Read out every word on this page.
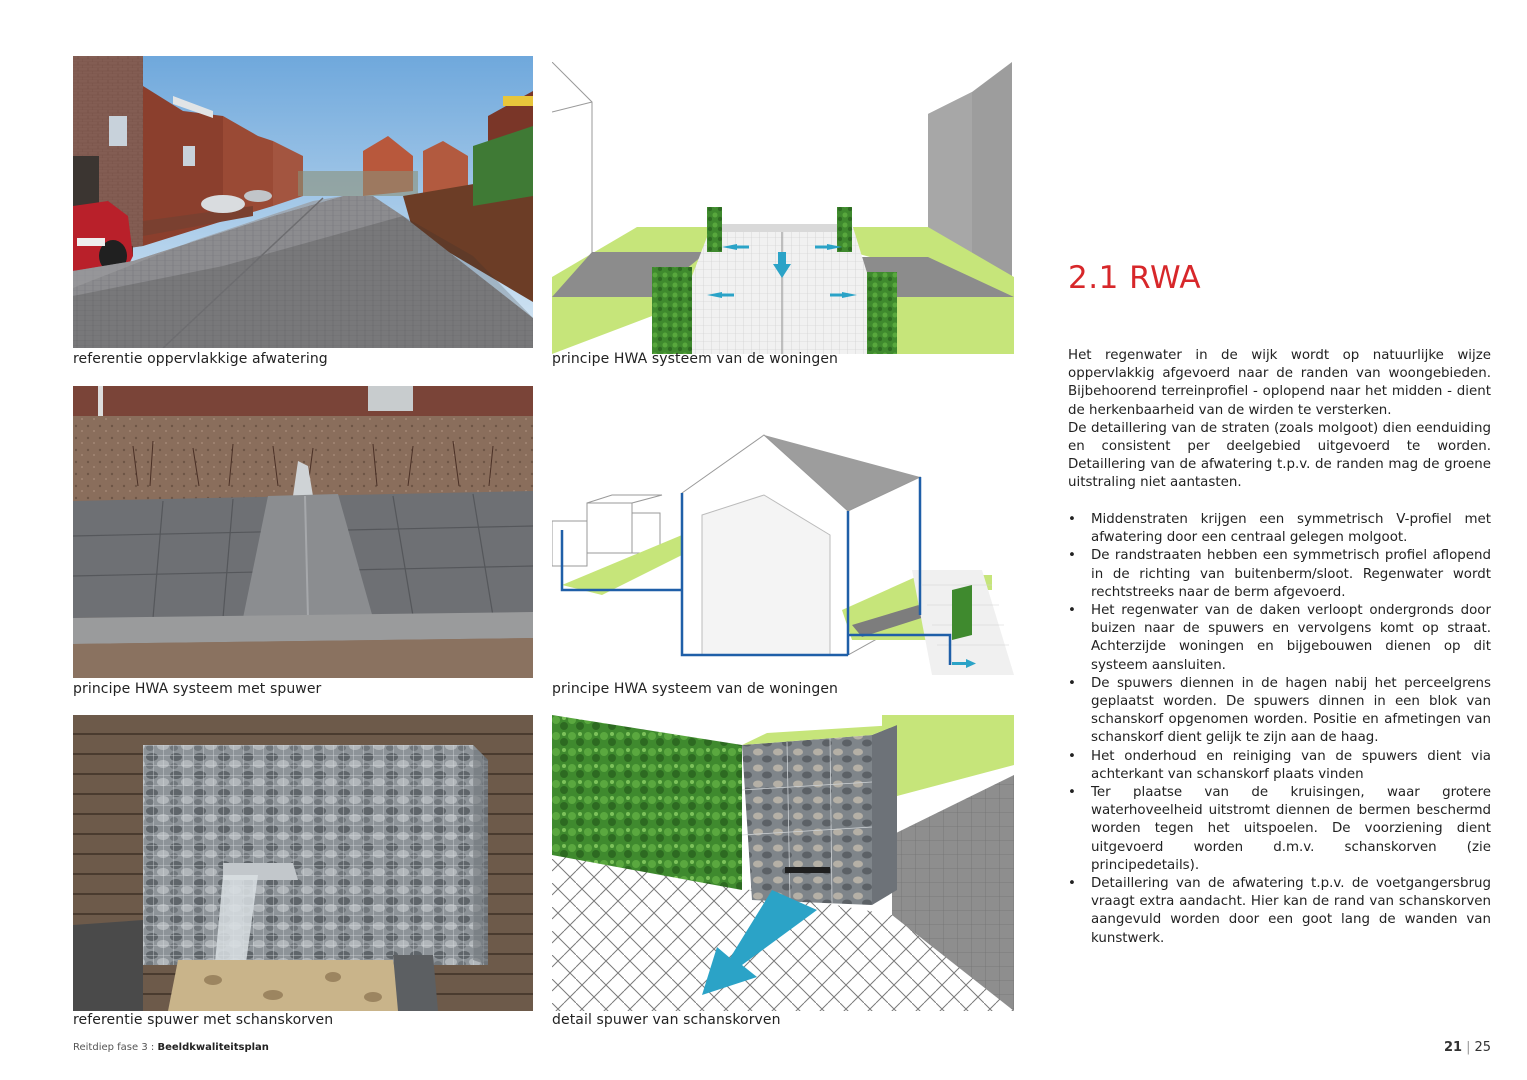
referentie oppervlakkige afwatering	principe HWA systeem van de woningen
principe HWA systeem met spuwer	principe HWA systeem van de woningen
referentie spuwer met schanskorven	detail spuwer van schanskorven
2.1 RWA

Het regenwater in de wijk wordt op natuurlijke wijze oppervlakkig afgevoerd naar de randen van woongebieden. Bijbehoorend terreinprofiel - oplopend naar het midden - dient de herkenbaarheid van de wirden te versterken.

De detaillering van de straten (zoals molgoot) dien eenduiding en consistent per deelgebied uitgevoerd te worden. Detaillering van de afwatering t.p.v. de randen mag de groene uitstraling niet aantasten.

• Middenstraten krijgen een symmetrisch V-profiel met afwatering door een centraal gelegen molgoot.
• De randstraaten hebben een symmetrisch profiel aflopend in de richting van buitenberm/sloot. Regenwater wordt rechtstreeks naar de berm afgevoerd.
• Het regenwater van de daken verloopt ondergronds door buizen naar de spuwers en vervolgens komt op straat. Achterzijde woningen en bijgebouwen dienen op dit systeem aansluiten.
• De spuwers diennen in de hagen nabij het perceelgrens geplaatst worden. De spuwers dinnen in een blok van schanskorf opgenomen worden. Positie en afmetingen van schanskorf dient gelijk te zijn aan de haag.
• Het onderhoud en reiniging van de spuwers dient via achterkant van schanskorf plaats vinden
• Ter plaatse van de kruisingen, waar grotere waterhoveelheid uitstromt diennen de bermen beschermd worden tegen het uitspoelen. De voorziening dient uitgevoerd worden d.m.v. schanskorven (zie principedetails).
• Detaillering van de afwatering t.p.v. de voetgangersbrug vraagt extra aandacht. Hier kan de rand van schanskorven aangevuld worden door een goot lang de wanden van kunstwerk.
Reitdiep fase 3 : Beeldkwaliteitsplan	21 | 25
